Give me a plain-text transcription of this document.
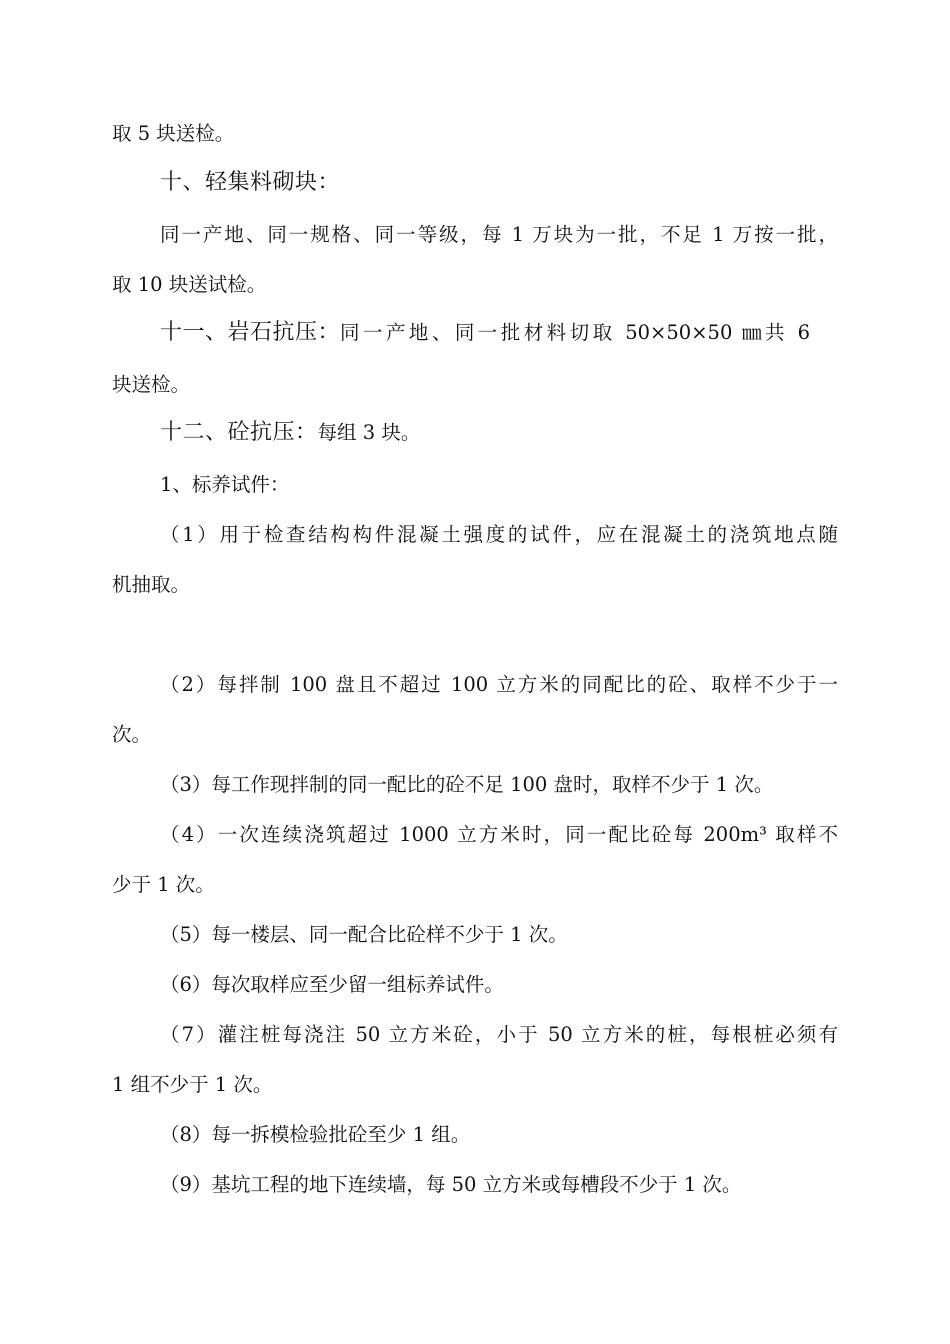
取 5 块送检。
十、轻集料砌块：
同一产地、同一规格、同一等级，每 1 万块为一批，不足 1 万按一批，
取 10 块送试检。
十一、岩石抗压：同一产地、同一批材料切取 50×50×50 ㎜共 6
块送检。
十二、砼抗压：每组 3 块。
1、标养试件：
（1）用于检查结构构件混凝土强度的试件，应在混凝土的浇筑地点随
机抽取。
（2）每拌制 100 盘且不超过 100 立方米的同配比的砼、取样不少于一
次。
（3）每工作现拌制的同一配比的砼不足 100 盘时，取样不少于 1 次。
（4）一次连续浇筑超过 1000 立方米时，同一配比砼每 200m³ 取样不
少于 1 次。
（5）每一楼层、同一配合比砼样不少于 1 次。
（6）每次取样应至少留一组标养试件。
（7）灌注桩每浇注 50 立方米砼，小于 50 立方米的桩，每根桩必须有
1 组不少于 1 次。
（8）每一拆模检验批砼至少 1 组。
（9）基坑工程的地下连续墙，每 50 立方米或每槽段不少于 1 次。
